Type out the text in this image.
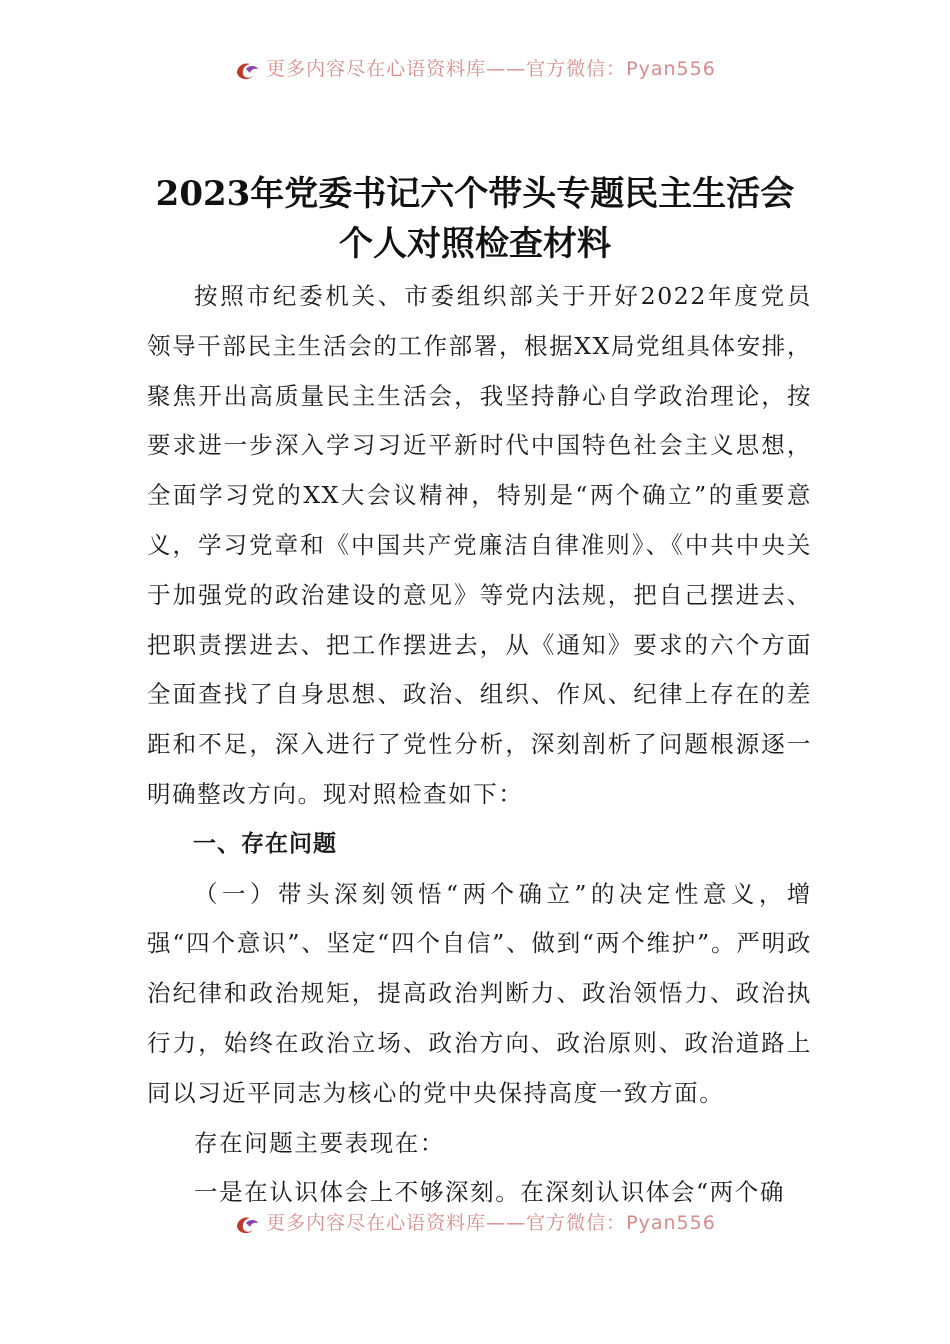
更多内容尽在心语资料库——官方微信：Pyan556
2023年党委书记六个带头专题民主生活会
个人对照检查材料

按照市纪委机关、市委组织部关于开好2022年度党员领导干部民主生活会的工作部署，根据XX局党组具体安排，聚焦开出高质量民主生活会，我坚持静心自学政治理论，按要求进一步深入学习习近平新时代中国特色社会主义思想，全面学习党的XX大会议精神，特别是“两个确立”的重要意义，学习党章和《中国共产党廉洁自律准则》、《中共中央关于加强党的政治建设的意见》等党内法规，把自己摆进去、把职责摆进去、把工作摆进去，从《通知》要求的六个方面全面查找了自身思想、政治、组织、作风、纪律上存在的差距和不足，深入进行了党性分析，深刻剖析了问题根源逐一明确整改方向。现对照检查如下：

一、存在问题

（一）带头深刻领悟“两个确立”的决定性意义，增强“四个意识”、坚定“四个自信”、做到“两个维护”。严明政治纪律和政治规矩，提高政治判断力、政治领悟力、政治执行力，始终在政治立场、政治方向、政治原则、政治道路上同以习近平同志为核心的党中央保持高度一致方面。

存在问题主要表现在：

一是在认识体会上不够深刻。在深刻认识体会“两个确

更多内容尽在心语资料库——官方微信：Pyan556
